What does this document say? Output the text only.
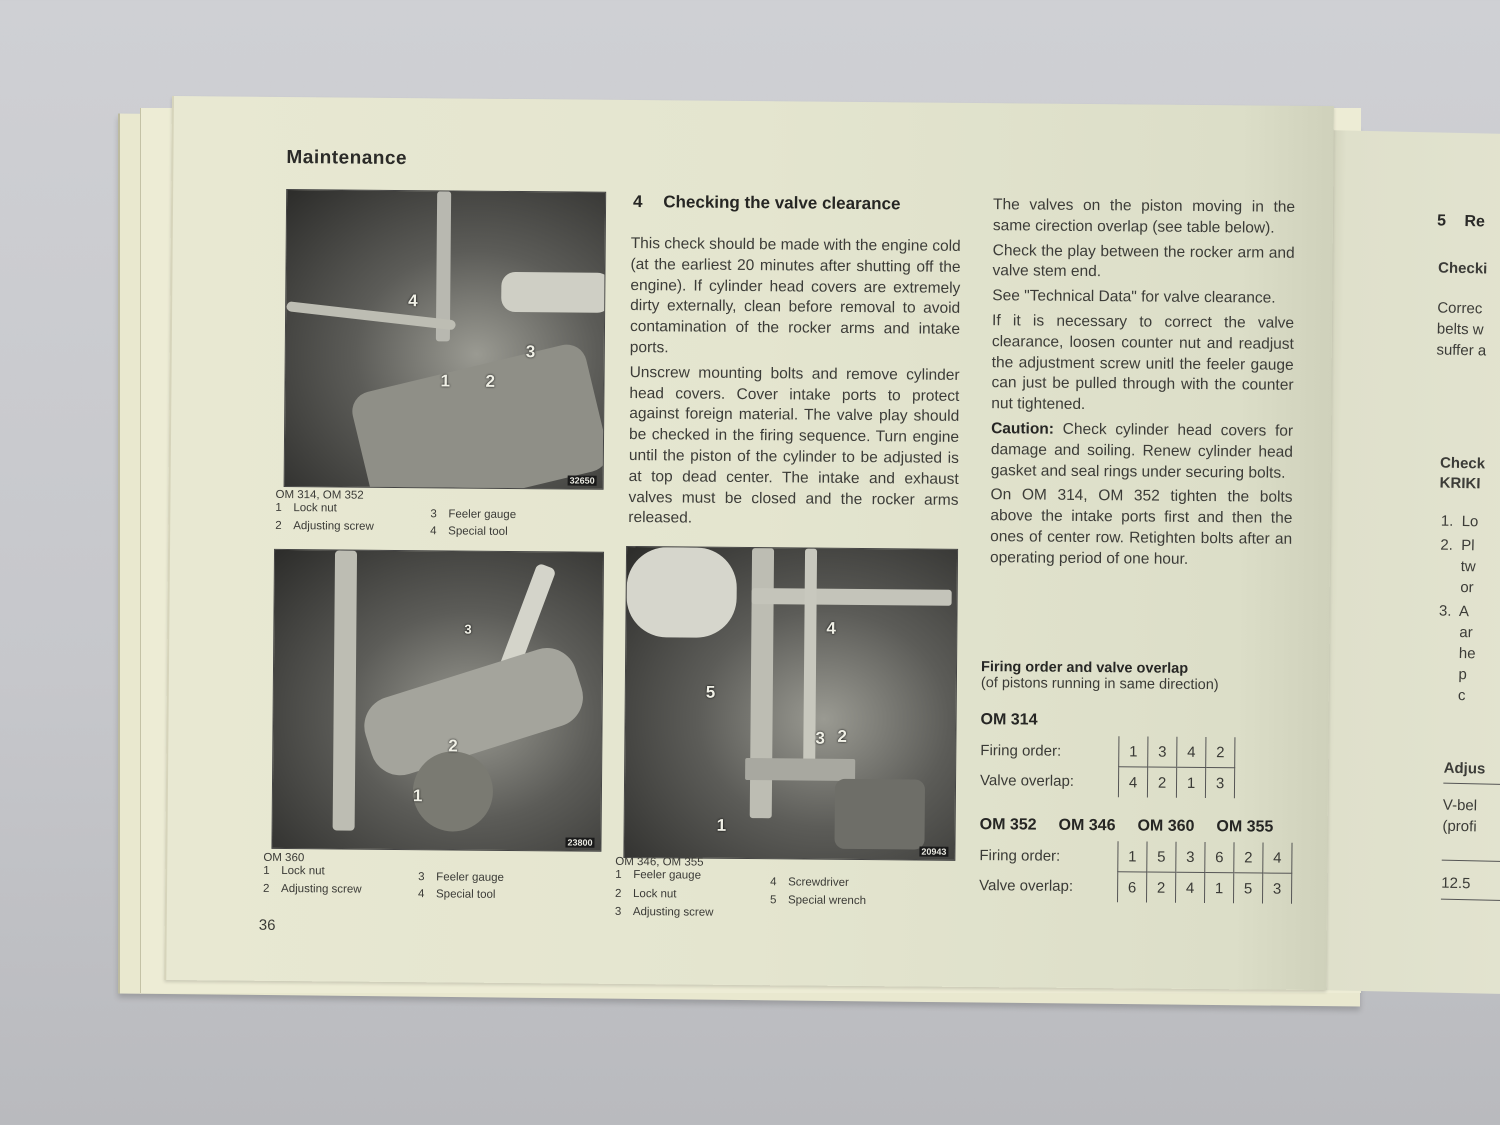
5 Re
Checki
Correc
belts w
suffer a
Check
KRIKI
1.  Lo
2.  Pl
tw
or
3.  A
ar
he
p
c
Adjus
V-bel
(profi
12.5
Maintenance
4
3
1 2
32650
OM 314, OM 352
1 Lock nut	3 Feeler gauge
2 Adjusting screw	4 Special tool
3
2
1
23800
OM 360
1 Lock nut	3 Feeler gauge
2 Adjusting screw	4 Special tool
36
4
5
3 2
1
20943
OM 346, OM 355
1 Feeler gauge
4 Screwdriver
2 Lock nut	5 Special wrench
3 Adjusting screw
4 Checking the valve clearance

This check should be made with the engine cold (at the earliest 20 minutes after shutting off the engine). If cylinder head covers are extremely dirty externally, clean before removal to avoid contamination of the rocker arms and intake ports.

Unscrew mounting bolts and remove cylinder head covers. Cover intake ports to protect against foreign material. The valve play should be checked in the firing sequence. Turn engine until the piston of the cylinder to be adjusted is at top dead center. The intake and exhaust valves must be closed and the rocker arms released.

The valves on the piston moving in the same cirection overlap (see table below).

Check the play between the rocker arm and valve stem end.

See "Technical Data" for valve clearance.

If it is necessary to correct the valve clearance, loosen counter nut and readjust the adjustment screw unitl the feeler gauge can just be pulled through with the counter nut tightened.

Caution: Check cylinder head covers for damage and soiling. Renew cylinder head gasket and seal rings under securing bolts.

On OM 314, OM 352 tighten the bolts above the intake ports first and then the ones of center row. Retighten bolts after an operating period of one hour.

Firing order and valve overlap
(of pistons running in same direction)
OM 314
Firing order:	1	3	4	2
Valve overlap:	4	2	1	3
OM 352 OM 346 OM 360 OM 355
Firing order:	1	5	3	6	2	4
Valve overlap:	6	2	4	1	5	3
